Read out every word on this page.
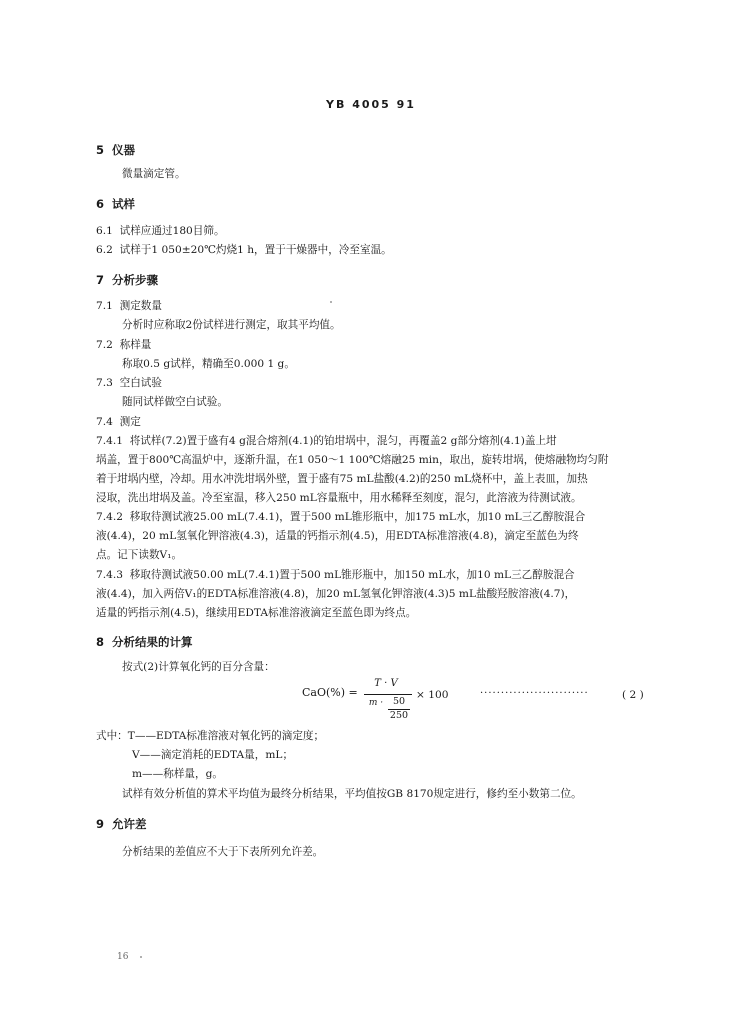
YB 4005 91
5 仪器
微量滴定管。
6 试样
6.1 试样应通过180目筛。
6.2 试样于1 050±20℃灼烧1 h，置于干燥器中，冷至室温。
7 分析步骤
7.1 测定数量
分析时应称取2份试样进行测定，取其平均值。
7.2 称样量
称取0.5 g试样，精确至0.000 1 g。
7.3 空白试验
随同试样做空白试验。
7.4 测定
7.4.1 将试样(7.2)置于盛有4 g混合熔剂(4.1)的铂坩埚中，混匀，再覆盖2 g部分熔剂(4.1)盖上坩
埚盖，置于800℃高温炉中，逐渐升温，在1 050～1 100℃熔融25 min，取出，旋转坩埚，使熔融物均匀附
着于坩埚内壁，冷却。用水冲洗坩埚外壁，置于盛有75 mL盐酸(4.2)的250 mL烧杯中，盖上表皿，加热
浸取，洗出坩埚及盖。冷至室温，移入250 mL容量瓶中，用水稀释至刻度，混匀，此溶液为待测试液。
7.4.2 移取待测试液25.00 mL(7.4.1)，置于500 mL锥形瓶中，加175 mL水，加10 mL三乙醇胺混合
液(4.4)，20 mL氢氧化钾溶液(4.3)，适量的钙指示剂(4.5)，用EDTA标准溶液(4.8)，滴定至蓝色为终
点。记下读数V₁。
7.4.3 移取待测试液50.00 mL(7.4.1)置于500 mL锥形瓶中，加150 mL水，加10 mL三乙醇胺混合
液(4.4)，加入两倍V₁的EDTA标准溶液(4.8)，加20 mL氢氧化钾溶液(4.3)5 mL盐酸羟胺溶液(4.7)，
适量的钙指示剂(4.5)，继续用EDTA标准溶液滴定至蓝色即为终点。
8 分析结果的计算
按式(2)计算氧化钙的百分含量：
CaO(%) =
T · V
m ·	50
250
× 100	··························	( 2 )
式中：T——EDTA标准溶液对氧化钙的滴定度；
V——滴定消耗的EDTA量，mL；
m——称样量，g。
试样有效分析值的算术平均值为最终分析结果，平均值按GB 8170规定进行，修约至小数第二位。
9 允许差
分析结果的差值应不大于下表所列允许差。
16
